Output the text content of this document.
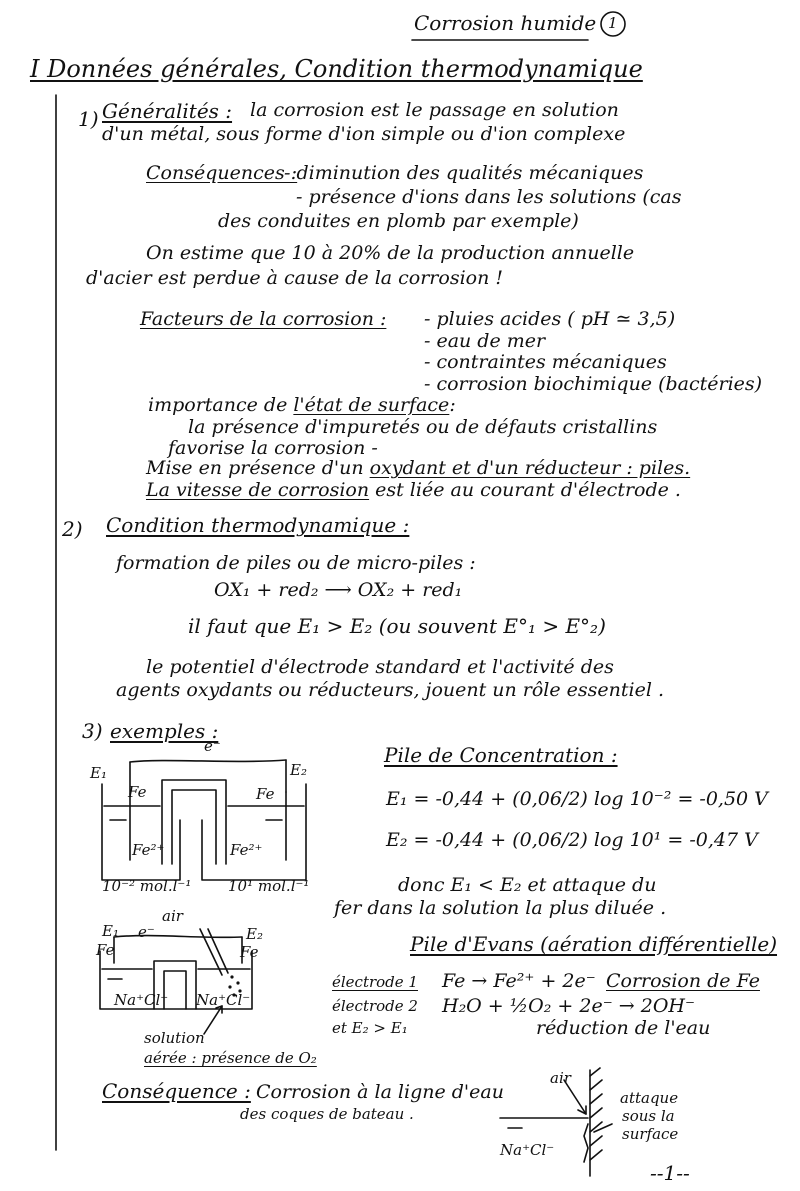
Corrosion humide 1
I Données générales, Condition thermodynamique
1) Généralités : la corrosion est le passage en solution
d'un métal, sous forme d'ion simple ou d'ion complexe
Conséquences :
- diminution des qualités mécaniques
- présence d'ions dans les solutions (cas
des conduites en plomb par exemple)
On estime que 10 à 20% de la production annuelle
d'acier est perdue à cause de la corrosion !
Facteurs de la corrosion : - pluies acides ( pH ≃ 3,5)
- eau de mer
- contraintes mécaniques
- corrosion biochimique (bactéries)
importance de l'état de surface:
la présence d'impuretés ou de défauts cristallins
favorise la corrosion -
Mise en présence d'un oxydant et d'un réducteur : piles.
La vitesse de corrosion est liée au courant d'électrode .
2) Condition thermodynamique :
formation de piles ou de micro-piles :
OX₁ + red₂ ⟶ OX₂ + red₁
il faut que E₁ > E₂ (ou souvent E°₁ > E°₂)
le potentiel d'électrode standard et l'activité des
agents oxydants ou réducteurs, jouent un rôle essentiel .
3) exemples :
E₁	E₂
e⁻
Fe	Fe
Fe²⁺	Fe²⁺
10⁻² mol.l⁻¹ 10¹ mol.l⁻¹
Pile de Concentration :
E₁ = -0,44 + (0,06/2) log 10⁻² = -0,50 V
E₂ = -0,44 + (0,06/2) log 10¹ = -0,47 V
donc E₁ < E₂ et attaque du
fer dans la solution la plus diluée .
air
e⁻
E₁	E₂
Fe	Fe
Na⁺Cl⁻ Na⁺Cl⁻
Pile d'Evans (aération différentielle)
électrode 1 Fe → Fe²⁺ + 2e⁻ Corrosion de Fe
électrode 2 H₂O + ½O₂ + 2e⁻ → 2OH⁻
et E₂ > E₁	réduction de l'eau
solution
aérée : présence de O₂
Conséquence : Corrosion à la ligne d'eau
des coques de bateau .
air
attaque
sous la
surface
Na⁺Cl⁻
--1--
